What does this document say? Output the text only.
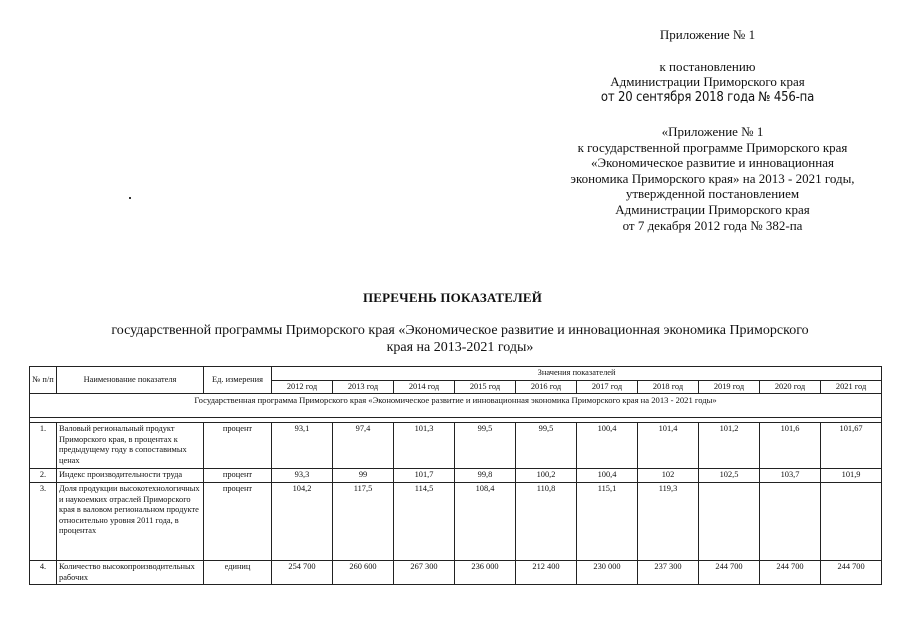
Приложение № 1
к постановлению
Администрации Приморского края
от 20 сентября 2018 года № 456-па
«Приложение № 1
к государственной программе Приморского края
«Экономическое развитие и инновационная
экономика Приморского края» на 2013 - 2021 годы,
утвержденной постановлением
Администрации Приморского края
от 7 декабря 2012 года № 382-па
ПЕРЕЧЕНЬ ПОКАЗАТЕЛЕЙ
государственной программы Приморского края «Экономическое развитие и инновационная экономика Приморского края на 2013-2021 годы»
№ п/п	Наименование показателя	Ед. измерения	Значения показателей									
			2012 год	2013 год	2014 год	2015 год	2016 год	2017 год	2018 год	2019 год	2020 год	2021 год
Государственная программа Приморского края «Экономическое развитие и инновационная экономика Приморского края на 2013 - 2021 годы»												

1.	Валовый региональный продукт Приморского края, в процентах к предыдущему году в сопоставимых ценах	процент	93,1	97,4	101,3	99,5	99,5	100,4	101,4	101,2	101,6	101,67
2.	Индекс производительности труда	процент	93,3	99	101,7	99,8	100,2	100,4	102	102,5	103,7	101,9
3.	Доля продукции высокотехнологичных и наукоемких отраслей Приморского края в валовом региональном продукте относительно уровня 2011 года, в процентах	процент	104,2	117,5	114,5	108,4	110,8	115,1	119,3			
4.	Количество высокопроизводительных рабочих	единиц	254 700	260 600	267 300	236 000	212 400	230 000	237 300	244 700	244 700	244 700
